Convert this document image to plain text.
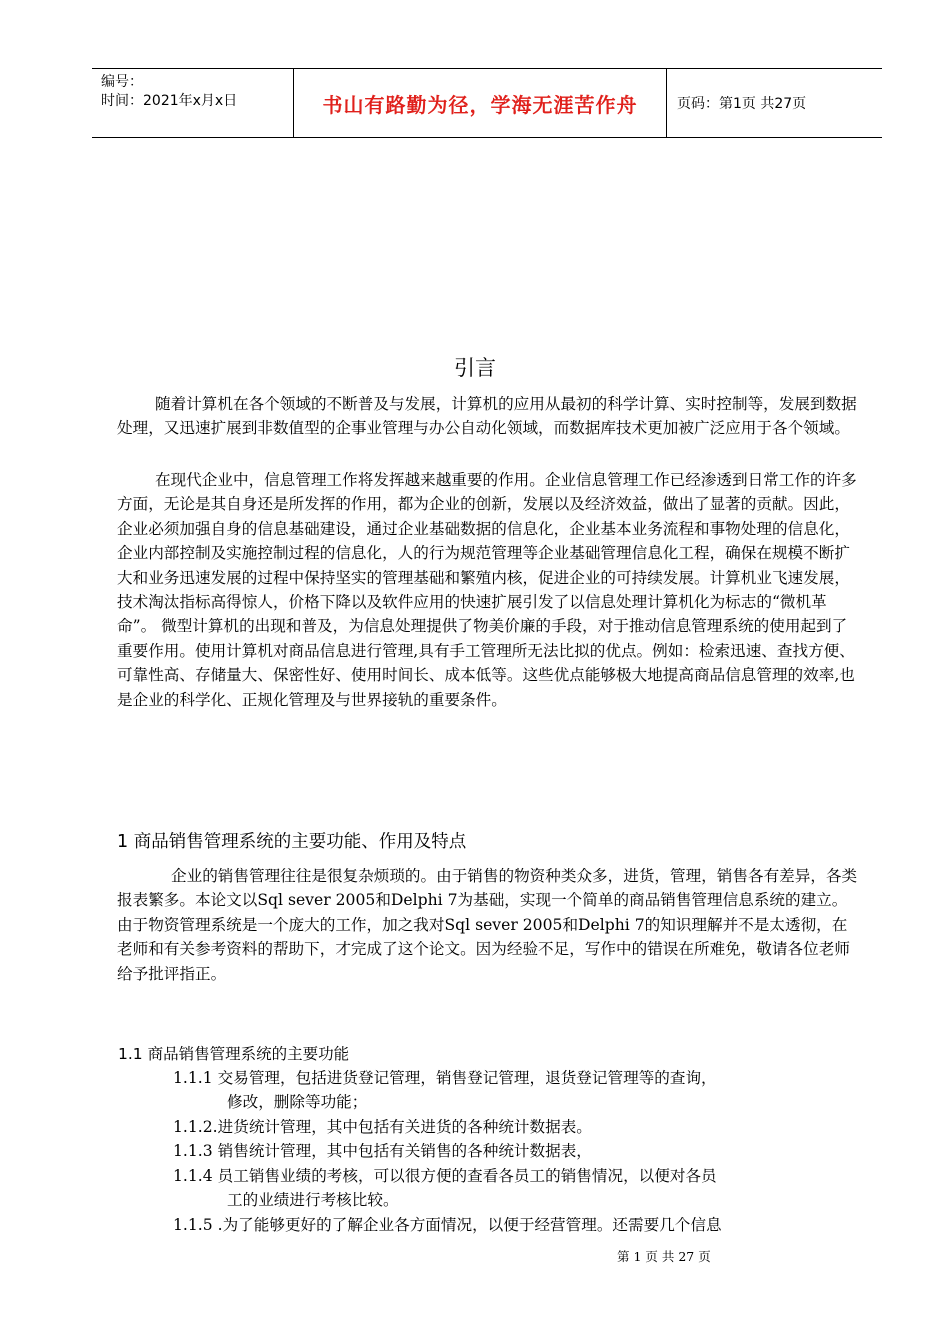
编号：
时间：2021年x月x日	书山有路勤为径，学海无涯苦作舟	页码：第1页 共27页
引言

随着计算机在各个领域的不断普及与发展，计算机的应用从最初的科学计算、实时控制等，发展到数据处理，又迅速扩展到非数值型的企事业管理与办公自动化领域，而数据库技术更加被广泛应用于各个领域。

在现代企业中，信息管理工作将发挥越来越重要的作用。企业信息管理工作已经渗透到日常工作的许多方面，无论是其自身还是所发挥的作用，都为企业的创新，发展以及经济效益，做出了显著的贡献。因此，企业必须加强自身的信息基础建设，通过企业基础数据的信息化，企业基本业务流程和事物处理的信息化，企业内部控制及实施控制过程的信息化，人的行为规范管理等企业基础管理信息化工程，确保在规模不断扩大和业务迅速发展的过程中保持坚实的管理基础和繁殖内核，促进企业的可持续发展。计算机业飞速发展，技术淘汰指标高得惊人，价格下降以及软件应用的快速扩展引发了以信息处理计算机化为标志的“微机革命”。 微型计算机的出现和普及，为信息处理提供了物美价廉的手段，对于推动信息管理系统的使用起到了重要作用。使用计算机对商品信息进行管理,具有手工管理所无法比拟的优点。例如：检索迅速、查找方便、可靠性高、存储量大、保密性好、使用时间长、成本低等。这些优点能够极大地提高商品信息管理的效率,也是企业的科学化、正规化管理及与世界接轨的重要条件。

1 商品销售管理系统的主要功能、作用及特点

企业的销售管理往往是很复杂烦琐的。由于销售的物资种类众多，进货，管理，销售各有差异，各类报表繁多。本论文以Sql sever 2005和Delphi 7为基础，实现一个简单的商品销售管理信息系统的建立。由于物资管理系统是一个庞大的工作，加之我对Sql sever 2005和Delphi 7的知识理解并不是太透彻，在老师和有关参考资料的帮助下，才完成了这个论文。因为经验不足，写作中的错误在所难免，敬请各位老师给予批评指正。

1.1 商品销售管理系统的主要功能
1.1.1 交易管理，包括进货登记管理，销售登记管理，退货登记管理等的查询，
修改，删除等功能；
1.1.2.进货统计管理，其中包括有关进货的各种统计数据表。
1.1.3 销售统计管理，其中包括有关销售的各种统计数据表，
1.1.4 员工销售业绩的考核，可以很方便的查看各员工的销售情况，以便对各员
工的业绩进行考核比较。
1.1.5 .为了能够更好的了解企业各方面情况，以便于经营管理。还需要几个信息
第 1 页 共 27 页
